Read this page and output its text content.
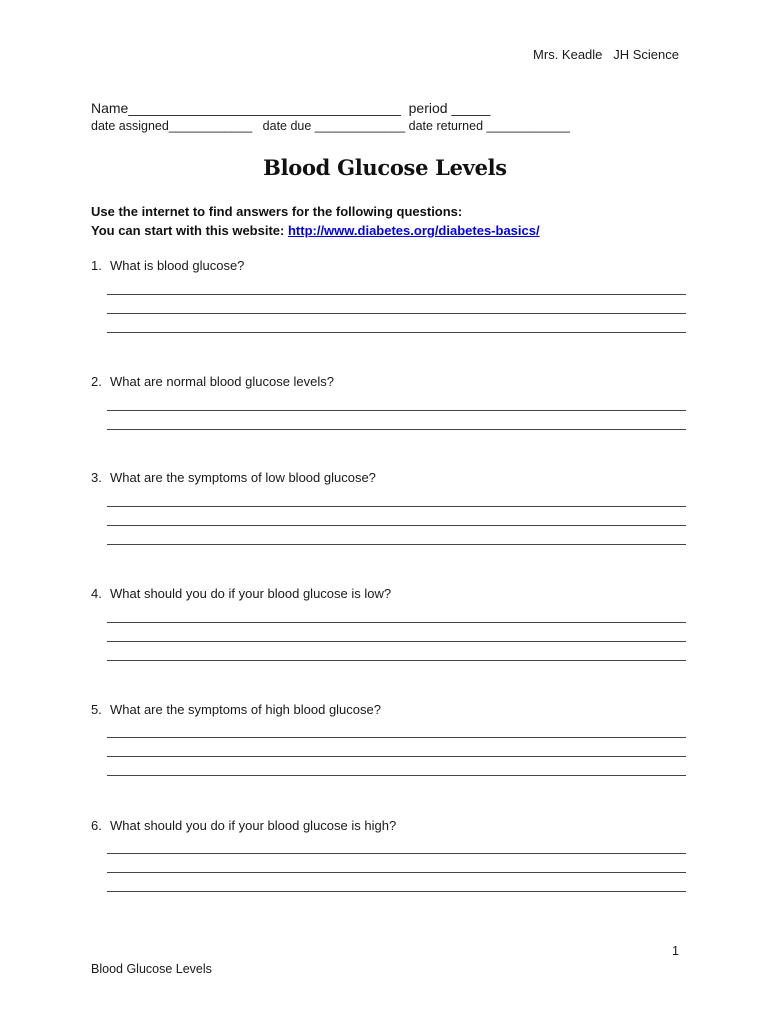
Mrs. Keadle   JH Science
Name___________________________________  period _____
date assigned____________   date due _____________ date returned ____________
Blood Glucose Levels
Use the internet to find answers for the following questions:
You can start with this website: http://www.diabetes.org/diabetes-basics/
1. What is blood glucose?
2. What are normal blood glucose levels?
3. What are the symptoms of low blood glucose?
4. What should you do if your blood glucose is low?
5. What are the symptoms of high blood glucose?
6. What should you do if your blood glucose is high?
1
Blood Glucose Levels
